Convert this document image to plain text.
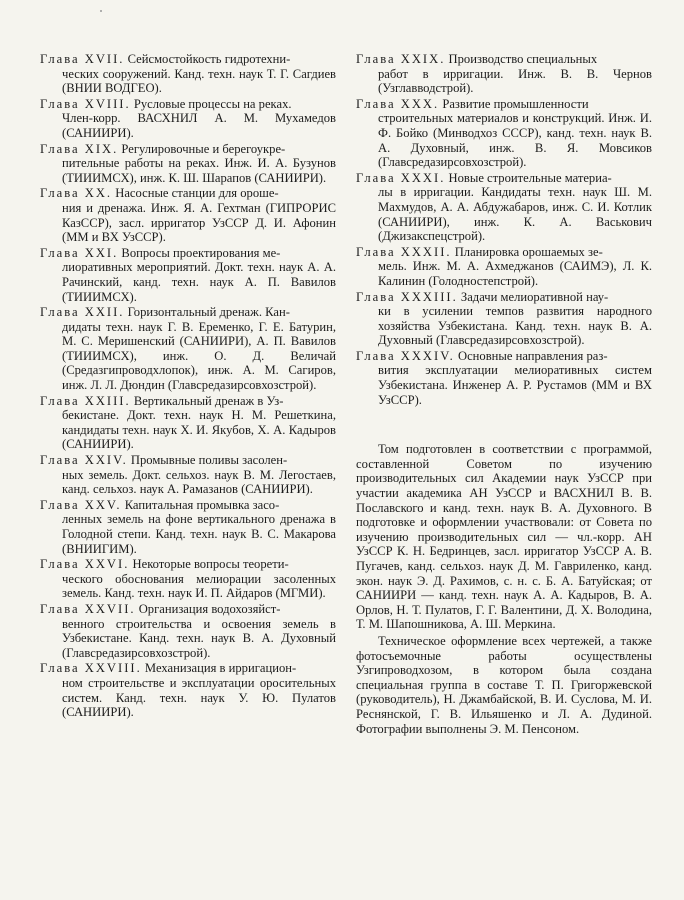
Глава XVII. Сейсмостойкость гидротехни-
ческих сооружений. Канд. техн. наук Т. Г. Сагдиев (ВНИИ ВОДГЕО).

Глава XVIII. Русловые процессы на реках.
Член-корр. ВАСХНИЛ А. М. Мухамедов (САНИИРИ).

Глава XIX. Регулировочные и берегоукре-
пительные работы на реках. Инж. И. А. Бузунов (ТИИИМСХ), инж. К. Ш. Шарапов (САНИИРИ).

Глава XX. Насосные станции для ороше-
ния и дренажа. Инж. Я. А. Гехтман (ГИПРОРИС КазССР), засл. ирригатор УзССР Д. И. Афонин (ММ и ВХ УзССР).

Глава XXI. Вопросы проектирования ме-
лиоративных мероприятий. Докт. техн. наук А. А. Рачинский, канд. техн. наук А. П. Вавилов (ТИИИМСХ).

Глава XXII. Горизонтальный дренаж. Кан-
дидаты техн. наук Г. В. Еременко, Г. Е. Батурин, М. С. Меришенский (САНИИРИ), А. П. Вавилов (ТИИИМСХ), инж. О. Д. Величай (Средазгипроводхлопок), инж. А. М. Сагиров, инж. Л. Л. Дюндин (Главсредазирсовхозстрой).

Глава XXIII. Вертикальный дренаж в Уз-
бекистане. Докт. техн. наук Н. М. Решеткина, кандидаты техн. наук Х. И. Якубов, Х. А. Кадыров (САНИИРИ).

Глава XXIV. Промывные поливы засолен-
ных земель. Докт. сельхоз. наук В. М. Легостаев, канд. сельхоз. наук А. Рамазанов (САНИИРИ).

Глава XXV. Капитальная промывка засо-
ленных земель на фоне вертикального дренажа в Голодной степи. Канд. техн. наук В. С. Макарова (ВНИИГИМ).

Глава XXVI. Некоторые вопросы теорети-
ческого обоснования мелиорации засоленных земель. Канд. техн. наук И. П. Айдаров (МГМИ).

Глава XXVII. Организация водохозяйст-
венного строительства и освоения земель в Узбекистане. Канд. техн. наук В. А. Духовный (Главсредазирсовхозстрой).

Глава XXVIII. Механизация в ирригацион-
ном строительстве и эксплуатации оросительных систем. Канд. техн. наук У. Ю. Пулатов (САНИИРИ).

Глава XXIX. Производство специальных
работ в ирригации. Инж. В. В. Чернов (Узглавводстрой).

Глава XXX. Развитие промышленности
строительных материалов и конструкций. Инж. И. Ф. Бойко (Минводхоз СССР), канд. техн. наук В. А. Духовный, инж. В. Я. Мовсиков (Главсредазирсовхозстрой).

Глава XXXI. Новые строительные материа-
лы в ирригации. Кандидаты техн. наук Ш. М. Махмудов, А. А. Абдужабаров, инж. С. И. Котлик (САНИИРИ), инж. К. А. Васькович (Джизакспецстрой).

Глава XXXII. Планировка орошаемых зе-
мель. Инж. М. А. Ахмеджанов (САИМЭ), Л. К. Калинин (Голодностепстрой).

Глава XXXIII. Задачи мелиоративной нау-
ки в усилении темпов развития народного хозяйства Узбекистана. Канд. техн. наук В. А. Духовный (Главсредазирсовхозстрой).

Глава XXXIV. Основные направления раз-
вития эксплуатации мелиоративных систем Узбекистана. Инженер А. Р. Рустамов (ММ и ВХ УзССР).

Том подготовлен в соответствии с программой, составленной Советом по изучению производительных сил Академии наук УзССР при участии академика АН УзССР и ВАСХНИЛ В. В. Пославского и канд. техн. наук В. А. Духовного. В подготовке и оформлении участвовали: от Совета по изучению производительных сил — чл.-корр. АН УзССР К. Н. Бедринцев, засл. ирригатор УзССР А. В. Пугачев, канд. сельхоз. наук Д. М. Гавриленко, канд. экон. наук Э. Д. Рахимов, с. н. с. Б. А. Батуйская; от САНИИРИ — канд. техн. наук А. А. Кадыров, В. А. Орлов, Н. Т. Пулатов, Г. Г. Валентини, Д. Х. Володина, Т. М. Шапошникова, А. Ш. Меркина.

Техническое оформление всех чертежей, а также фотосъемочные работы осуществлены Узгипроводхозом, в котором была создана специальная группа в составе Т. П. Григоржевской (руководитель), Н. Джамбайской, В. И. Суслова, М. И. Реснянской, Г. В. Ильяшенко и Л. А. Дудиной. Фотографии выполнены Э. М. Пенсоном.
